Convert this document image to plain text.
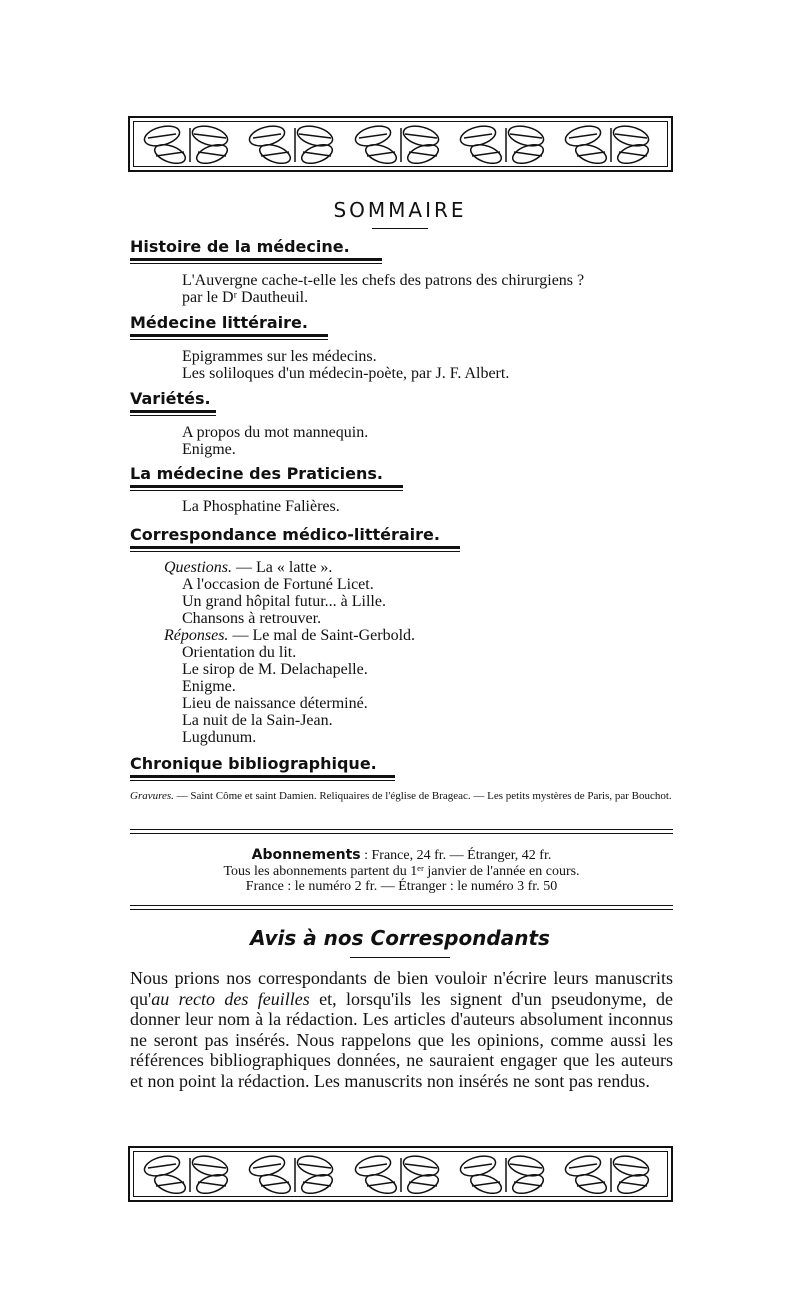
SOMMAIRE
Histoire de la médecine.
L'Auvergne cache-t-elle les chefs des patrons des chirurgiens ?
par le Dʳ Dautheuil.
Médecine littéraire.
Epigrammes sur les médecins.
Les soliloques d'un médecin-poète, par J. F. Albert.
Variétés.
A propos du mot mannequin.
Enigme.
La médecine des Praticiens.
La Phosphatine Falières.
Correspondance médico-littéraire.
Questions. — La « latte ».
A l'occasion de Fortuné Licet.
Un grand hôpital futur... à Lille.
Chansons à retrouver.
Réponses. — Le mal de Saint-Gerbold.
Orientation du lit.
Le sirop de M. Delachapelle.
Enigme.
Lieu de naissance déterminé.
La nuit de la Sain-Jean.
Lugdunum.
Chronique bibliographique.
Gravures. — Saint Côme et saint Damien. Reliquaires de l'église de Brageac. — Les petits mystères de Paris, par Bouchot.
Abonnements : France, 24 fr. — Étranger, 42 fr.
Tous les abonnements partent du 1ᵉʳ janvier de l'année en cours.
France : le numéro 2 fr. — Étranger : le numéro 3 fr. 50
Avis à nos Correspondants
Nous prions nos correspondants de bien vouloir n'écrire leurs manuscrits qu'au recto des feuilles et, lorsqu'ils les signent d'un pseudonyme, de donner leur nom à la rédaction. Les articles d'auteurs absolument inconnus ne seront pas insérés. Nous rappelons que les opinions, comme aussi les références bibliographiques données, ne sauraient engager que les auteurs et non point la rédaction. Les manuscrits non insérés ne sont pas rendus.
